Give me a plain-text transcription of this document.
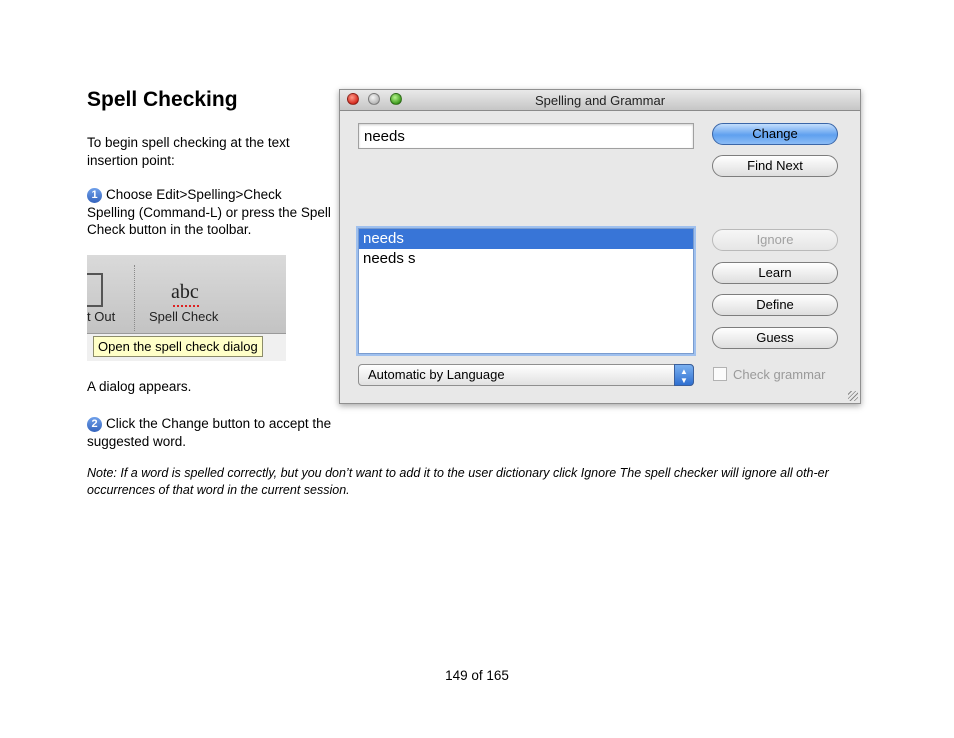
Spell Checking
To begin spell checking at the text insertion point:
1 Choose Edit>Spelling>Check Spelling (Command-L) or press the Spell Check button in the toolbar.
t Out
abc
Spell Check
Open the spell check dialog
A dialog appears.
2 Click the Change button to accept the suggested word.
Spelling and Grammar
needs	Change
Find Next
needs
needs s
Ignore
Learn
Define
Guess
Automatic by Language	▲
▼	Check grammar
Note: If a word is spelled correctly, but you don’t want to add it to the user dictionary click Ignore The spell checker will ignore all oth-er occurrences of that word in the current session.
149 of 165
